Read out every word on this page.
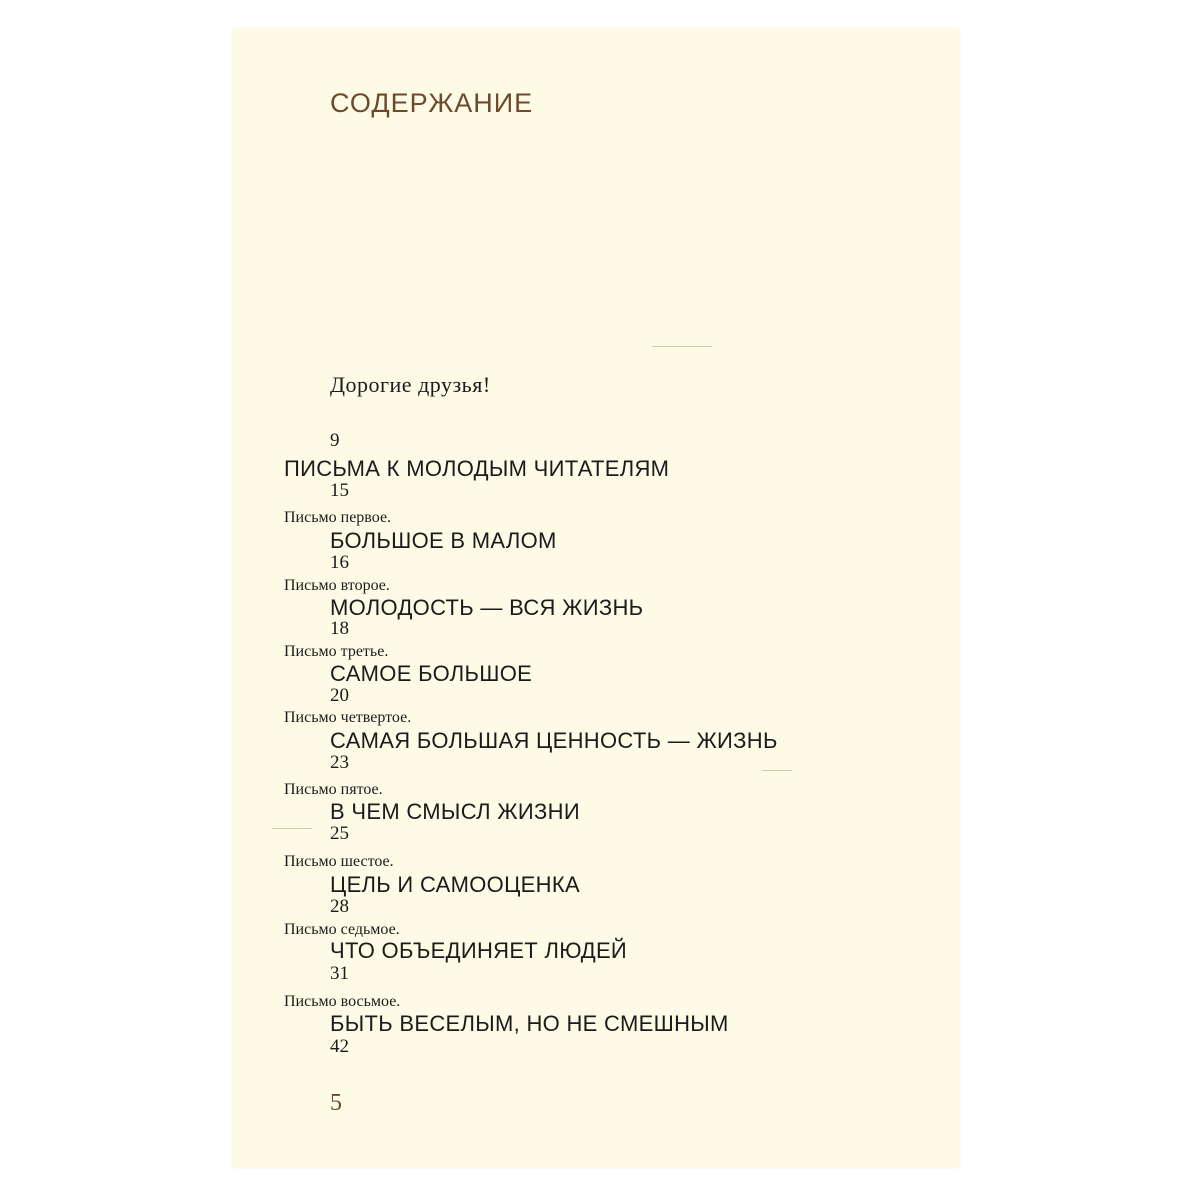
СОДЕРЖАНИЕ
Дорогие друзья!
9
ПИСЬМА К МОЛОДЫМ ЧИТАТЕЛЯМ
15
Письмо первое.
БОЛЬШОЕ В МАЛОМ
16
Письмо второе.
МОЛОДОСТЬ — ВСЯ ЖИЗНЬ
18
Письмо третье.
САМОЕ БОЛЬШОЕ
20
Письмо четвертое.
САМАЯ БОЛЬШАЯ ЦЕННОСТЬ — ЖИЗНЬ
23
Письмо пятое.
В ЧЕМ СМЫСЛ ЖИЗНИ
25
Письмо шестое.
ЦЕЛЬ И САМООЦЕНКА
28
Письмо седьмое.
ЧТО ОБЪЕДИНЯЕТ ЛЮДЕЙ
31
Письмо восьмое.
БЫТЬ ВЕСЕЛЫМ, НО НЕ СМЕШНЫМ
42
5
